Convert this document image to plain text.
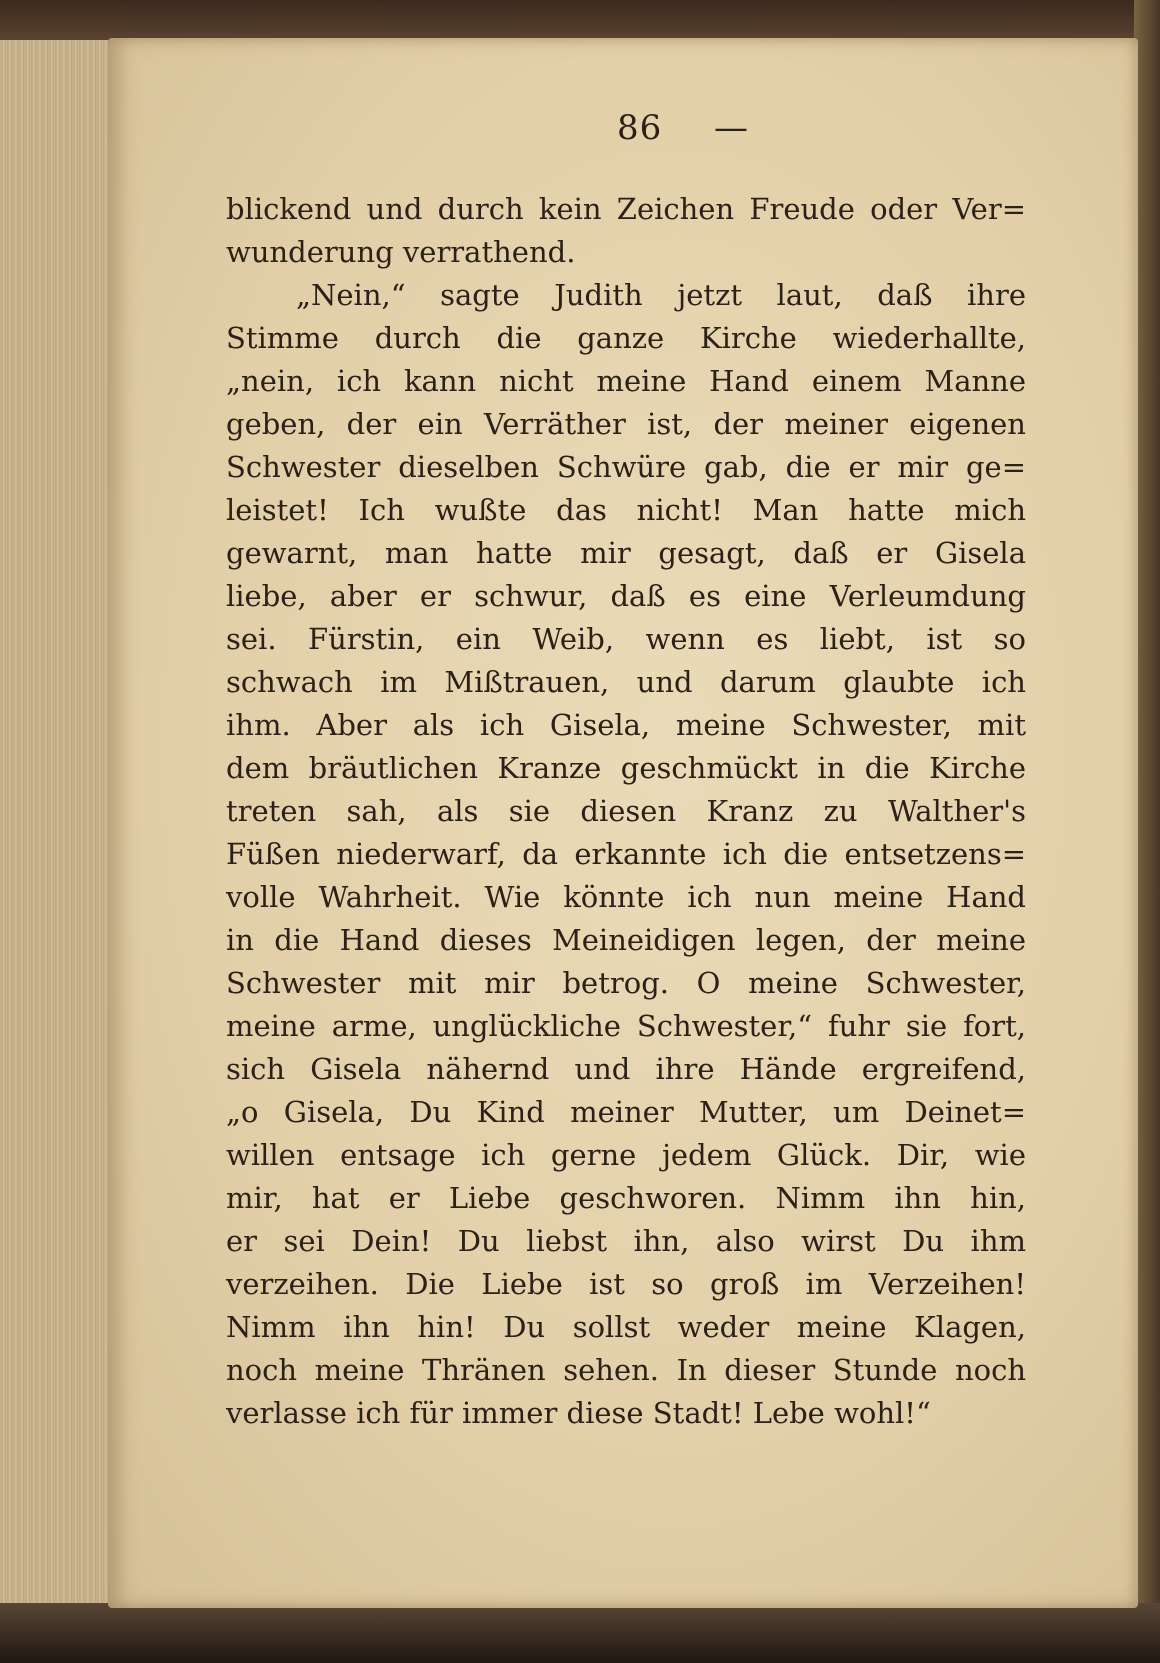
86 —
blickend und durch kein Zeichen Freude oder Ver=
wunderung verrathend.
„Nein,“ sagte Judith jetzt laut, daß ihre
Stimme durch die ganze Kirche wiederhallte,
„nein, ich kann nicht meine Hand einem Manne
geben, der ein Verräther ist, der meiner eigenen
Schwester dieselben Schwüre gab, die er mir ge=
leistet! Ich wußte das nicht! Man hatte mich
gewarnt, man hatte mir gesagt, daß er Gisela
liebe, aber er schwur, daß es eine Verleumdung
sei. Fürstin, ein Weib, wenn es liebt, ist so
schwach im Mißtrauen, und darum glaubte ich
ihm. Aber als ich Gisela, meine Schwester, mit
dem bräutlichen Kranze geschmückt in die Kirche
treten sah, als sie diesen Kranz zu Walther's
Füßen niederwarf, da erkannte ich die entsetzens=
volle Wahrheit. Wie könnte ich nun meine Hand
in die Hand dieses Meineidigen legen, der meine
Schwester mit mir betrog. O meine Schwester,
meine arme, unglückliche Schwester,“ fuhr sie fort,
sich Gisela nähernd und ihre Hände ergreifend,
„o Gisela, Du Kind meiner Mutter, um Deinet=
willen entsage ich gerne jedem Glück. Dir, wie
mir, hat er Liebe geschworen. Nimm ihn hin,
er sei Dein! Du liebst ihn, also wirst Du ihm
verzeihen. Die Liebe ist so groß im Verzeihen!
Nimm ihn hin! Du sollst weder meine Klagen,
noch meine Thränen sehen. In dieser Stunde noch
verlasse ich für immer diese Stadt! Lebe wohl!“
